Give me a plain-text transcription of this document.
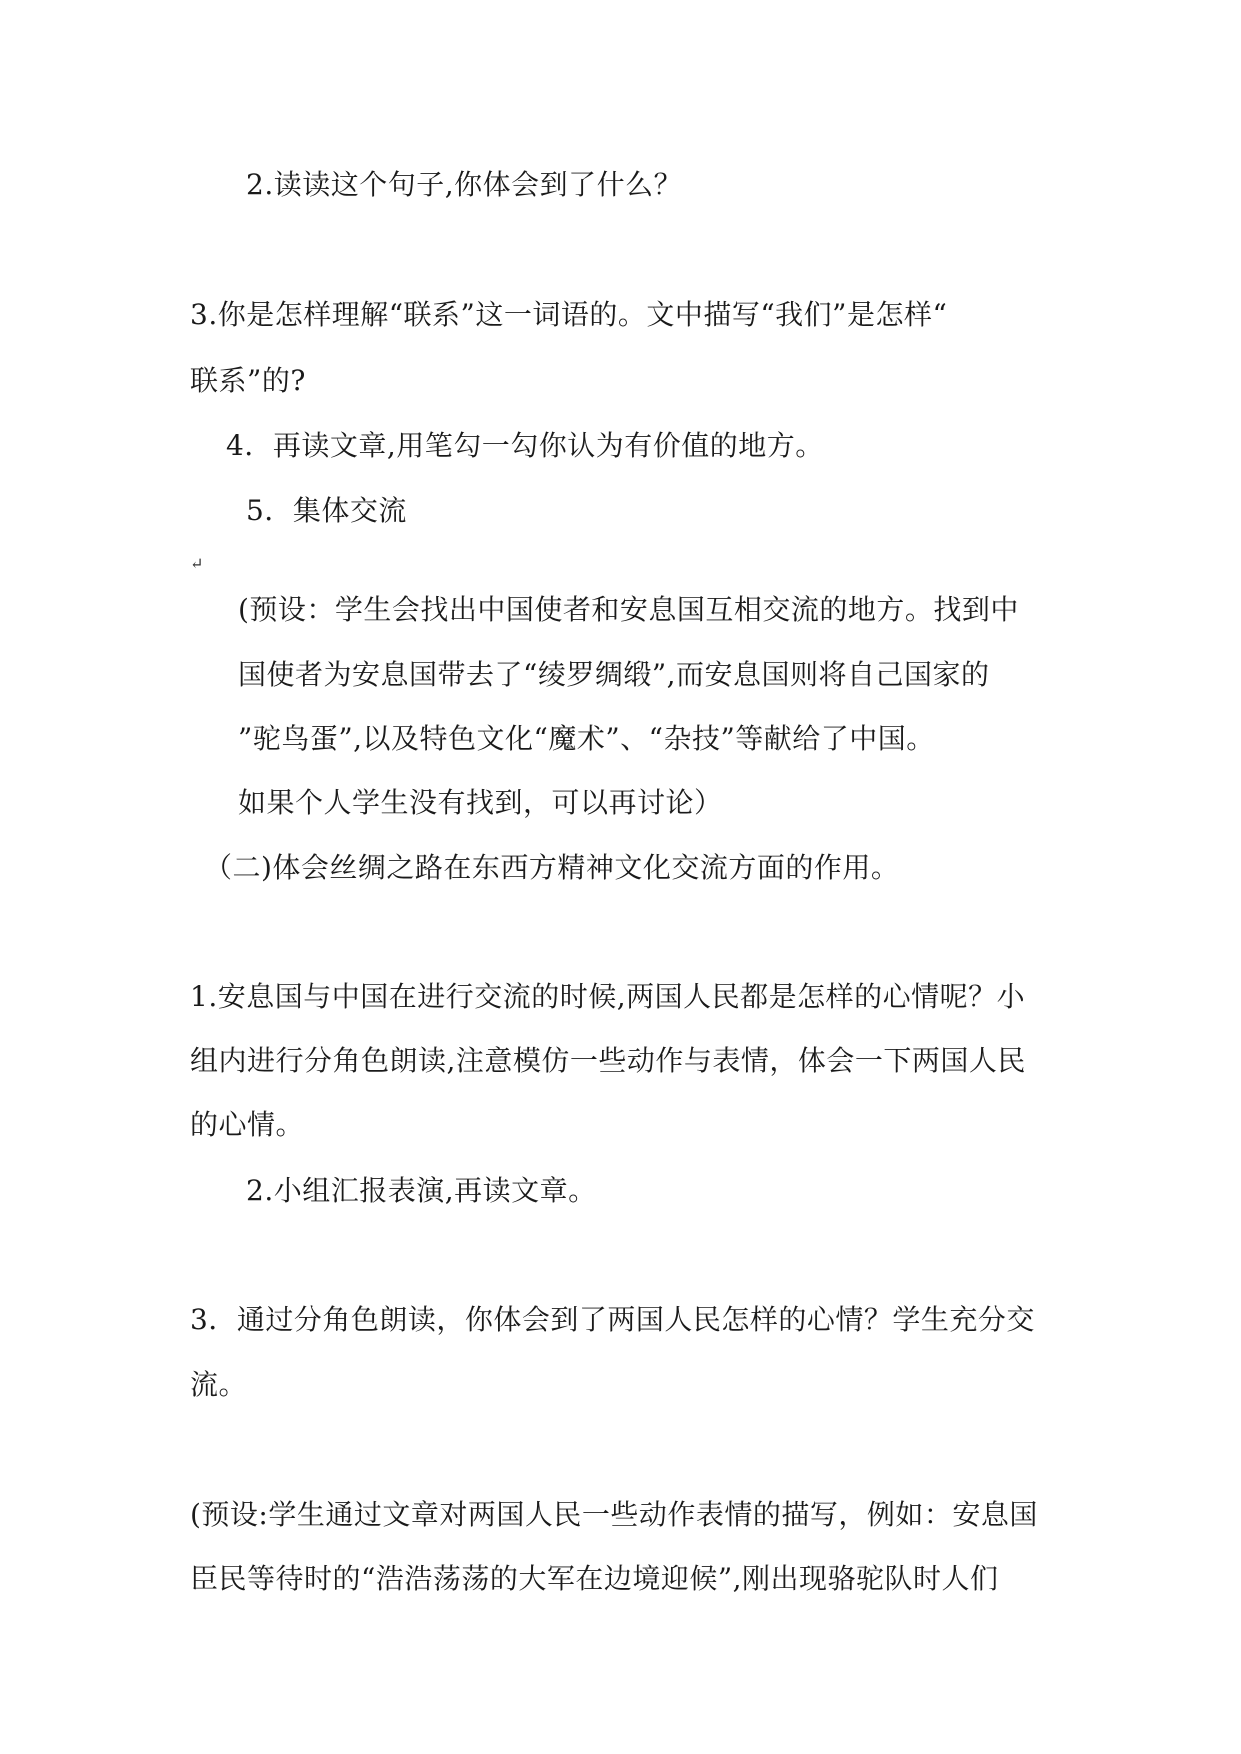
2.读读这个句子,你体会到了什么？
3.你是怎样理解“联系”这一词语的。文中描写“我们”是怎样“
联系”的?
4．再读文章,用笔勾一勾你认为有价值的地方。
5．集体交流
↵
(预设：学生会找出中国使者和安息国互相交流的地方。找到中
国使者为安息国带去了“绫罗绸缎”,而安息国则将自己国家的
”驼鸟蛋”,以及特色文化“魔术”、“杂技”等献给了中国。
如果个人学生没有找到，可以再讨论）
（二)体会丝绸之路在东西方精神文化交流方面的作用。
1.安息国与中国在进行交流的时候,两国人民都是怎样的心情呢？小
组内进行分角色朗读,注意模仿一些动作与表情，体会一下两国人民
的心情。
2.小组汇报表演,再读文章。
3．通过分角色朗读，你体会到了两国人民怎样的心情？学生充分交
流。
(预设:学生通过文章对两国人民一些动作表情的描写，例如：安息国
臣民等待时的“浩浩荡荡的大军在边境迎候”,刚出现骆驼队时人们
